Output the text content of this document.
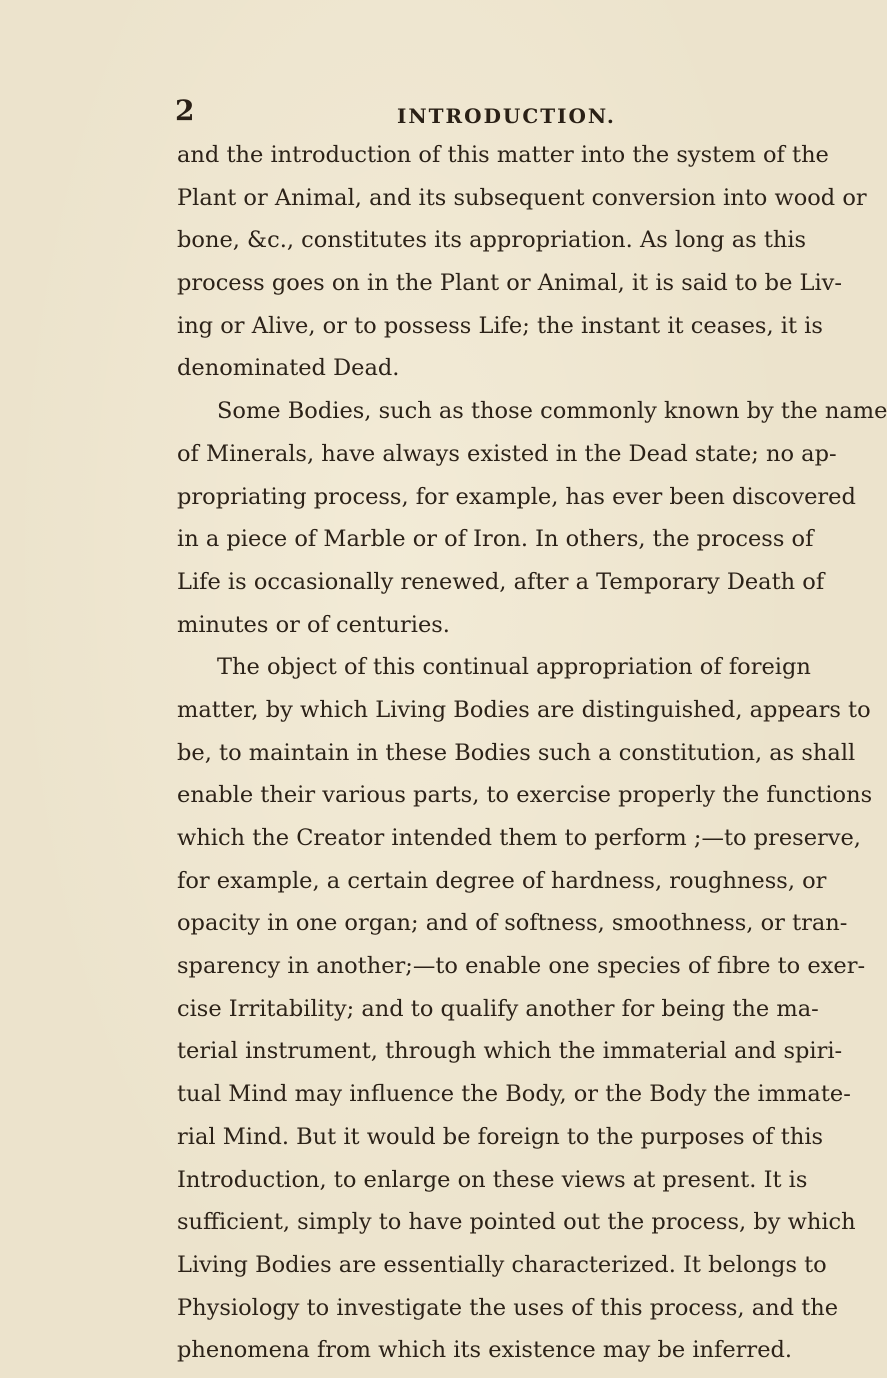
2	INTRODUCTION.
and the introduction of this matter into the system of the
Plant or Animal, and its subsequent conversion into wood or
bone, &c., constitutes its appropriation. As long as this
process goes on in the Plant or Animal, it is said to be Liv-
ing or Alive, or to possess Life; the instant it ceases, it is
denominated Dead.
Some Bodies, such as those commonly known by the name
of Minerals, have always existed in the Dead state; no ap-
propriating process, for example, has ever been discovered
in a piece of Marble or of Iron. In others, the process of
Life is occasionally renewed, after a Temporary Death of
minutes or of centuries.
The object of this continual appropriation of foreign
matter, by which Living Bodies are distinguished, appears to
be, to maintain in these Bodies such a constitution, as shall
enable their various parts, to exercise properly the functions
which the Creator intended them to perform ;—to preserve,
for example, a certain degree of hardness, roughness, or
opacity in one organ; and of softness, smoothness, or tran-
sparency in another;—to enable one species of fibre to exer-
cise Irritability; and to qualify another for being the ma-
terial instrument, through which the immaterial and spiri-
tual Mind may influence the Body, or the Body the immate-
rial Mind. But it would be foreign to the purposes of this
Introduction, to enlarge on these views at present. It is
sufficient, simply to have pointed out the process, by which
Living Bodies are essentially characterized. It belongs to
Physiology to investigate the uses of this process, and the
phenomena from which its existence may be inferred.
